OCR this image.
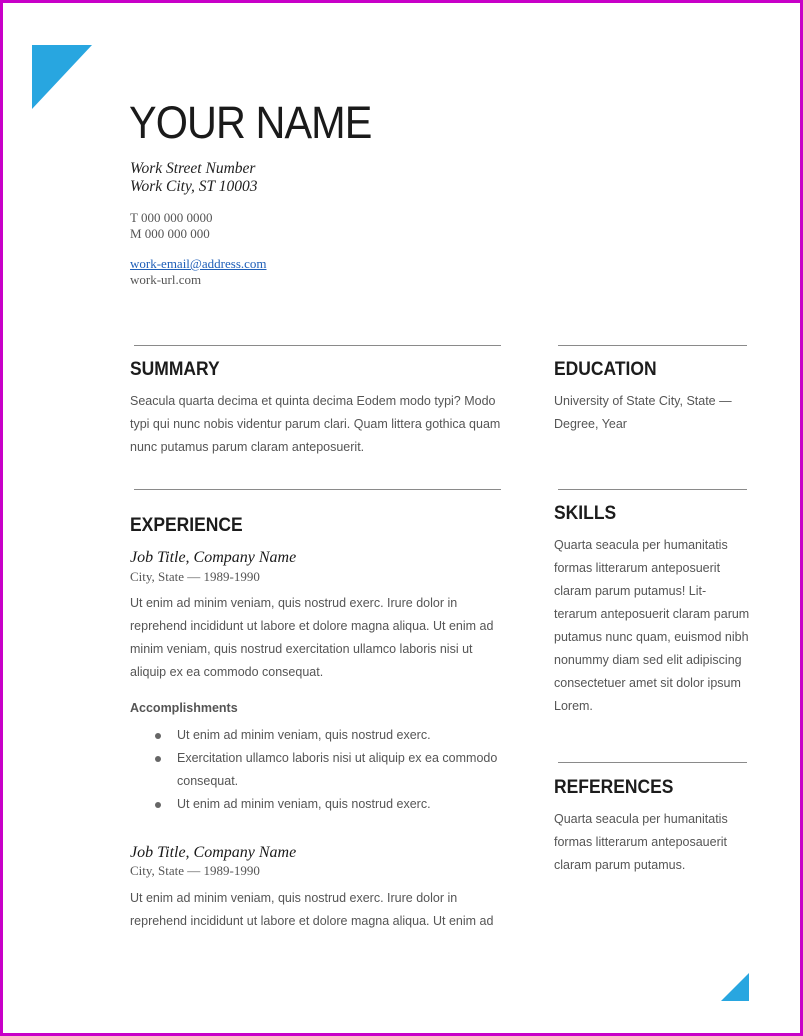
YOUR NAME
Work Street Number
Work City, ST 10003
T 000 000 0000
M 000 000 000
work-email@address.com
work-url.com
SUMMARY
Seacula quarta decima et quinta decima Eodem modo typi? Modo
typi qui nunc nobis videntur parum clari. Quam littera gothica quam
nunc putamus parum claram anteposuerit.
EXPERIENCE
Job Title, Company Name
City, State — 1989-1990
Ut enim ad minim veniam, quis nostrud exerc. Irure dolor in
reprehend incididunt ut labore et dolore magna aliqua. Ut enim ad
minim veniam, quis nostrud exercitation ullamco laboris nisi ut
aliquip ex ea commodo consequat.
Accomplishments
Ut enim ad minim veniam, quis nostrud exerc.
Exercitation ullamco laboris nisi ut aliquip ex ea commodo consequat.
Ut enim ad minim veniam, quis nostrud exerc.
Job Title, Company Name
City, State — 1989-1990
Ut enim ad minim veniam, quis nostrud exerc. Irure dolor in
reprehend incididunt ut labore et dolore magna aliqua. Ut enim ad
EDUCATION
University of State City, State —
Degree, Year
SKILLS
Quarta seacula per humanitatis
formas litterarum anteposuerit
claram parum putamus! Lit-
terarum anteposuerit claram parum
putamus nunc quam, euismod nibh
nonummy diam sed elit adipiscing
consectetuer amet sit dolor ipsum
Lorem.
REFERENCES
Quarta seacula per humanitatis
formas litterarum anteposauerit
claram parum putamus.
